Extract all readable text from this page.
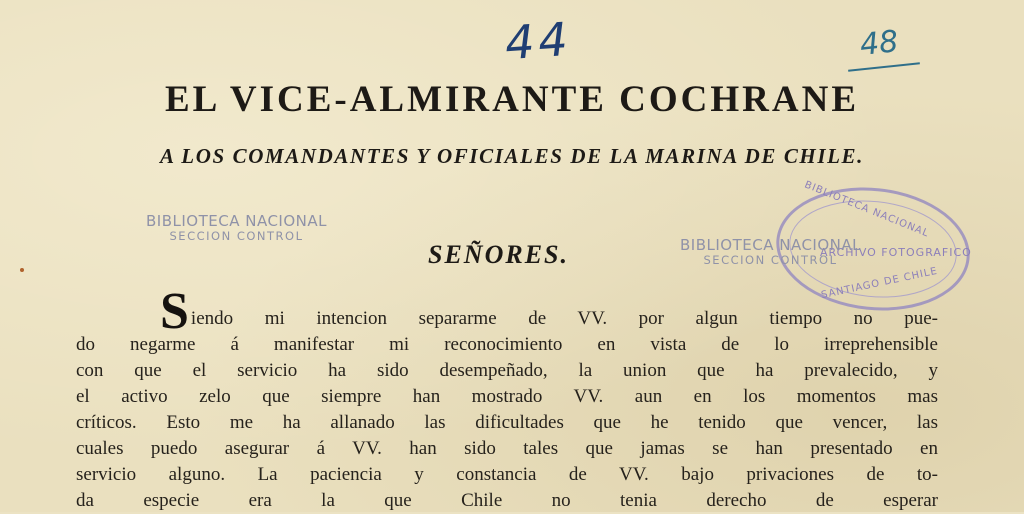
44	48
EL VICE-ALMIRANTE COCHRANE
A LOS COMANDANTES Y OFICIALES DE LA MARINA DE CHILE.
BIBLIOTECA NACIONAL
SECCION CONTROL	BIBLIOTECA NACIONAL
ARCHIVO FOTOGRAFICO
SANTIAGO DE CHILE
BIBLIOTECA NACIONAL
SECCION CONTROL
SEÑORES.
Siendo mi intencion separarme de VV. por algun tiempo no pue-
do negarme á manifestar mi reconocimiento en vista de lo irreprehensible
con que el servicio ha sido desempeñado, la union que ha prevalecido, y
el activo zelo que siempre han mostrado VV. aun en los momentos mas
críticos. Esto me ha allanado las dificultades que he tenido que vencer, las
cuales puedo asegurar á VV. han sido tales que jamas se han presentado en
servicio alguno. La paciencia y constancia de VV. bajo privaciones de to-
da especie era la que Chile no tenia derecho de esperar
